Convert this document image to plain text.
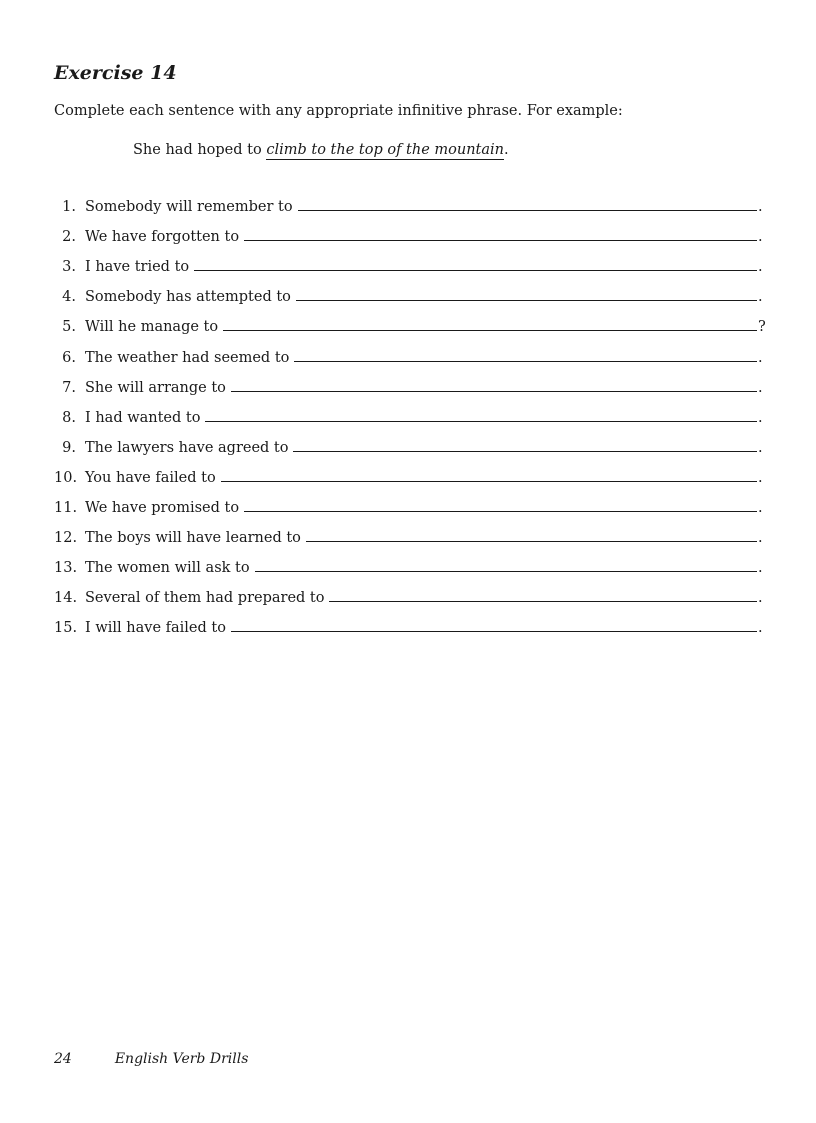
Exercise 14

Complete each sentence with any appropriate infinitive phrase. For example:

She had hoped to climb to the top of the mountain.

1 . Somebody will remember to	.
2 . We have forgotten to	.
3 . I have tried to	.
4 . Somebody has attempted to	.
5 . Will he manage to	?
6 . The weather had seemed to	.
7 . She will arrange to	.
8 . I had wanted to	.
9 . The lawyers have agreed to	.
10 . You have failed to	.
11 . We have promised to	.
12 . The boys will have learned to	.
13 . The women will ask to	.
14 . Several of them had prepared to	.
15 . I will have failed to	.
24	English Verb Drills
